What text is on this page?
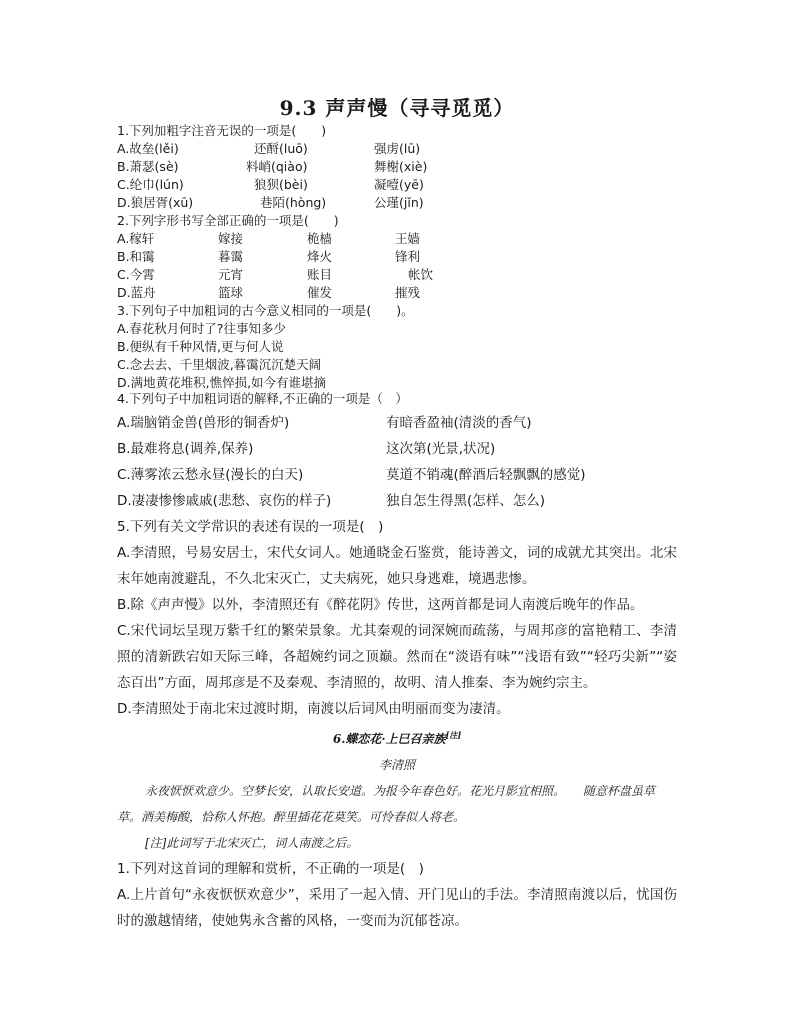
9.3 声声慢（寻寻觅觅）
1.下列加粗字注音无误的一项是(　　)
A.故垒(lěi)	还酹(luō)	强虏(lū)
B.萧瑟(sè)	料峭(qiào)	舞榭(xiè)
C.纶巾(lún)	狼狈(bèi)	凝噎(yē)
D.狼居胥(xū)	巷陌(hòng)	公瑾(jǐn)
2.下列字形书写全部正确的一项是(　　)
A.稼轩	嫁接	桅樯	王嫱
B.和霭	暮霭	烽火	锋利
C.今霄	元宵	账目	帐饮
D.蓝舟	篮球	催发	摧残
3.下列句子中加粗词的古今意义相同的一项是(　　)。
A.春花秋月何时了?往事知多少
B.便纵有千种风情,更与何人说
C.念去去、千里烟波,暮霭沉沉楚天阔
D.满地黄花堆积,憔悴损,如今有谁堪摘
4.下列句子中加粗词语的解释,不正确的一项是（　）
A.瑞脑销金兽(兽形的铜香炉)	有暗香盈袖(清淡的香气)
B.最难将息(调养,保养)	这次第(光景,状况)
C.薄雾浓云愁永昼(漫长的白天)	莫道不销魂(醉酒后轻飘飘的感觉)
D.凄凄惨惨戚戚(悲愁、哀伤的样子)	独自怎生得黑(怎样、怎么)
5.下列有关文学常识的表述有误的一项是(　)
A.李清照，号易安居士，宋代女词人。她通晓金石鉴赏，能诗善文，词的成就尤其突出。北宋末年她南渡避乱，不久北宋灭亡，丈夫病死，她只身逃难，境遇悲惨。
B.除《声声慢》以外，李清照还有《醉花阴》传世，这两首都是词人南渡后晚年的作品。
C.宋代词坛呈现万紫千红的繁荣景象。尤其秦观的词深婉而疏荡，与周邦彦的富艳精工、李清照的清新跌宕如天际三峰，各超婉约词之顶巅。然而在“淡语有味”“浅语有致”“轻巧尖新”“姿态百出”方面，周邦彦是不及秦观、李清照的，故明、清人推秦、李为婉约宗主。
D.李清照处于南北宋过渡时期，南渡以后词风由明丽而变为凄清。
6.蝶恋花·上巳召亲族[注]
李清照
永夜恹恹欢意少。空梦长安，认取长安道。为报今年春色好。花光月影宜相照。　　随意杯盘虽草草。酒美梅酸，恰称人怀抱。醉里插花花莫笑。可怜春似人将老。
[注]此词写于北宋灭亡，词人南渡之后。
1.下列对这首词的理解和赏析，不正确的一项是(　)
A.上片首句“永夜恹恹欢意少”，采用了一起入情、开门见山的手法。李清照南渡以后，忧国伤时的激越情绪，使她隽永含蓄的风格，一变而为沉郁苍凉。
